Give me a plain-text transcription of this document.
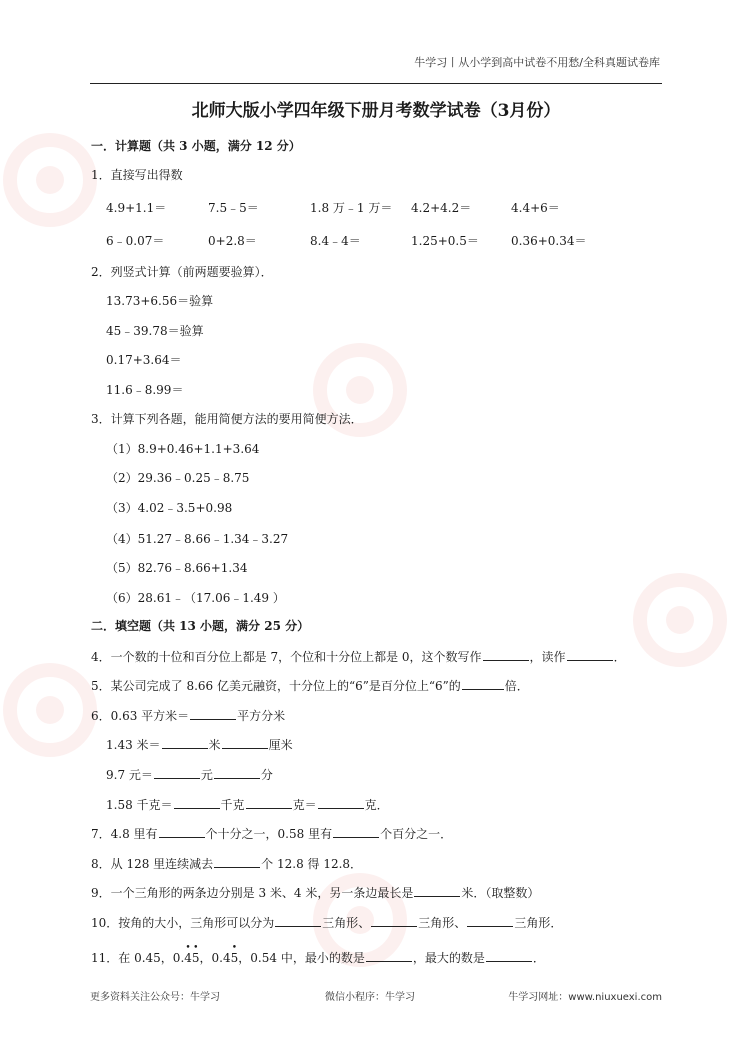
牛学习丨从小学到高中试卷不用愁/全科真题试卷库
北师大版小学四年级下册月考数学试卷（3月份）
一．计算题（共 3 小题，满分 12 分）
1．直接写出得数
4.9+1.1＝	7.5﹣5＝	1.8 万﹣1 万＝ 4.2+4.2＝	4.4+6＝
6﹣0.07＝	0+2.8＝	8.4﹣4＝	1.25+0.5＝	0.36+0.34＝
2．列竖式计算（前两题要验算）．
13.73+6.56＝验算
45﹣39.78＝验算
0.17+3.64＝
11.6﹣8.99＝
3．计算下列各题，能用简便方法的要用简便方法．
（1）8.9+0.46+1.1+3.64
（2）29.36﹣0.25﹣8.75
（3）4.02﹣3.5+0.98
（4）51.27﹣8.66﹣1.34﹣3.27
（5）82.76﹣8.66+1.34
（6）28.61﹣（17.06﹣1.49 ）
二．填空题（共 13 小题，满分 25 分）
4．一个数的十位和百分位上都是 7，个位和十分位上都是 0，这个数写作	，读作	．
5．某公司完成了 8.66 亿美元融资，十分位上的“6”是百分位上“6”的	倍．
6．0.63 平方米＝	平方分米
1.43 米＝	米	厘米
9.7 元＝	元	分
1.58 千克＝	千克	克＝	克．
7．4.8 里有	个十分之一，0.58 里有	个百分之一．
8．从 128 里连续减去	个 12.8 得 12.8．
9．一个三角形的两条边分别是 3 米、4 米，另一条边最长是	米．（取整数）
10．按角的大小，三角形可以分为	三角形、	三角形、	三角形．
11．在 0.45，0.
•
4
•
5，0.4
•
5，0.54 中，最小的数是	，最大的数是	．
更多资料关注公众号：牛学习	微信小程序：牛学习	牛学习网址：www.niuxuexi.com
